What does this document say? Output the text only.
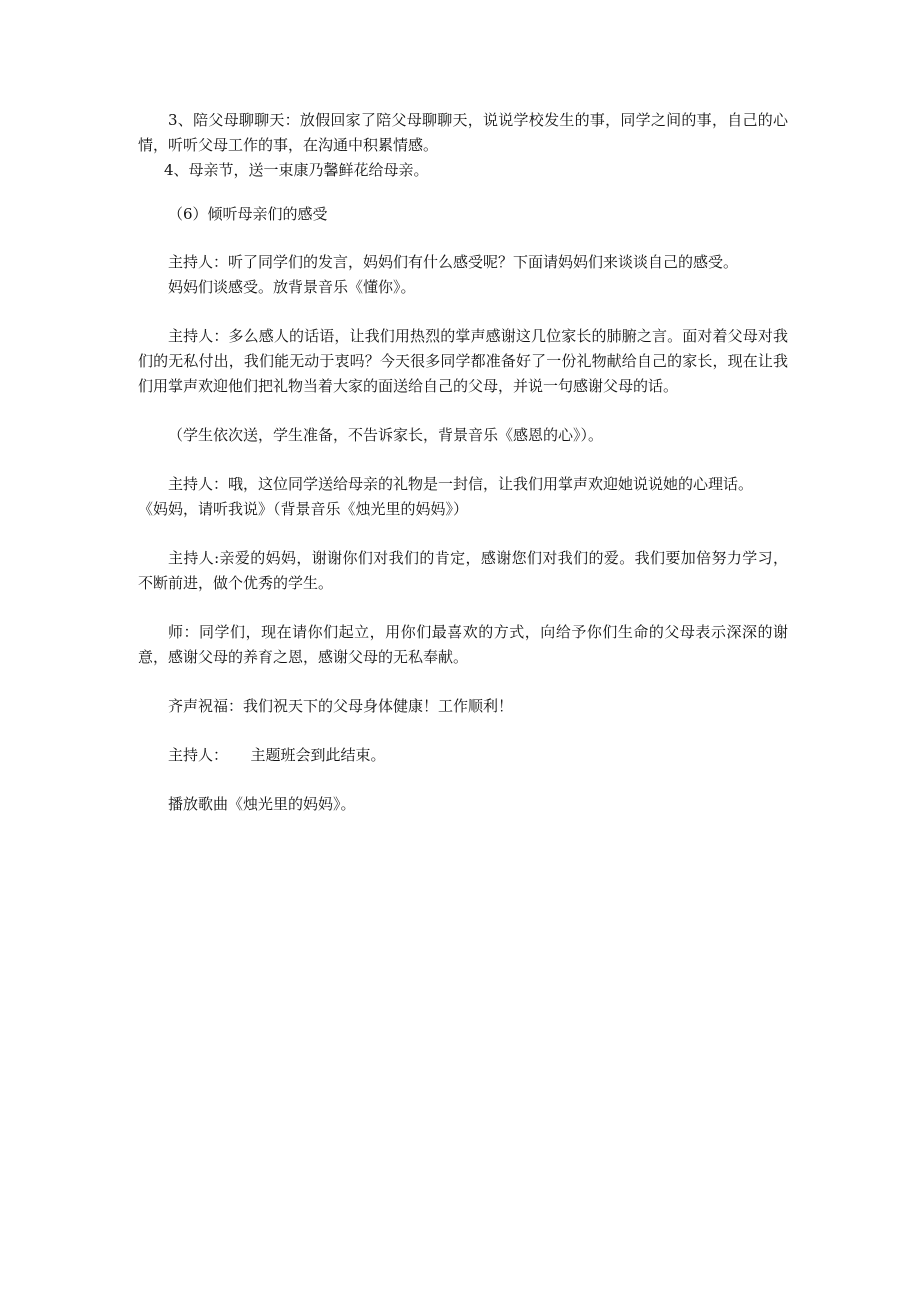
3、陪父母聊聊天：放假回家了陪父母聊聊天，说说学校发生的事，同学之间的事，自己的心情，听听父母工作的事，在沟通中积累情感。
4、母亲节，送一束康乃馨鲜花给母亲。
（6）倾听母亲们的感受
主持人：听了同学们的发言，妈妈们有什么感受呢？下面请妈妈们来谈谈自己的感受。
妈妈们谈感受。放背景音乐《懂你》。
主持人：多么感人的话语，让我们用热烈的掌声感谢这几位家长的肺腑之言。面对着父母对我们的无私付出，我们能无动于衷吗？今天很多同学都准备好了一份礼物献给自己的家长，现在让我们用掌声欢迎他们把礼物当着大家的面送给自己的父母，并说一句感谢父母的话。
（学生依次送，学生准备，不告诉家长，背景音乐《感恩的心》）。
主持人：哦，这位同学送给母亲的礼物是一封信，让我们用掌声欢迎她说说她的心理话。
《妈妈，请听我说》（背景音乐《烛光里的妈妈》）
主持人:亲爱的妈妈，谢谢你们对我们的肯定，感谢您们对我们的爱。我们要加倍努力学习，不断前进，做个优秀的学生。
师：同学们，现在请你们起立，用你们最喜欢的方式，向给予你们生命的父母表示深深的谢意，感谢父母的养育之恩，感谢父母的无私奉献。
齐声祝福：我们祝天下的父母身体健康！工作顺利！
主持人：　　主题班会到此结束。
播放歌曲《烛光里的妈妈》。
